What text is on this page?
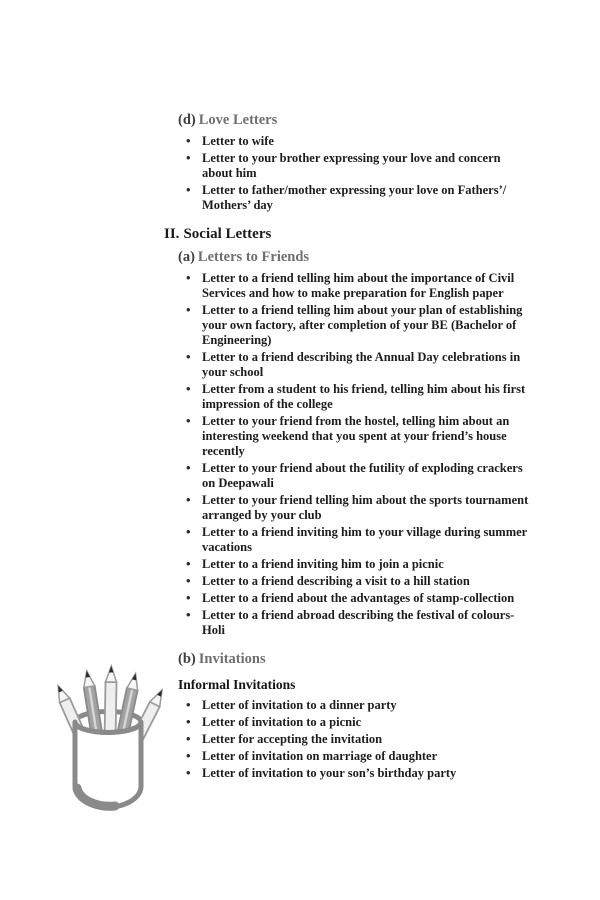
(d) Love Letters
Letter to wife
Letter to your brother expressing your love and concern about him
Letter to father/mother expressing your love on Fathers’/ Mothers’ day
II. Social Letters
(a) Letters to Friends
Letter to a friend telling him about the importance of Civil Services and how to make preparation for English paper
Letter to a friend telling him about your plan of establishing your own factory, after completion of your BE (Bachelor of Engineering)
Letter to a friend describing the Annual Day celebrations in your school
Letter from a student to his friend, telling him about his first impression of the college
Letter to your friend from the hostel, telling him about an interesting weekend that you spent at your friend’s house recently
Letter to your friend about the futility of exploding crackers on Deepawali
Letter to your friend telling him about the sports tournament arranged by your club
Letter to a friend inviting him to your village during summer vacations
Letter to a friend inviting him to join a picnic
Letter to a friend describing a visit to a hill station
Letter to a friend about the advantages of stamp-collection
Letter to a friend abroad describing the festival of colours-Holi
(b) Invitations
Informal Invitations
Letter of invitation to a dinner party
Letter of invitation to a picnic
Letter for accepting the invitation
Letter of invitation on marriage of daughter
Letter of invitation to your son’s birthday party
